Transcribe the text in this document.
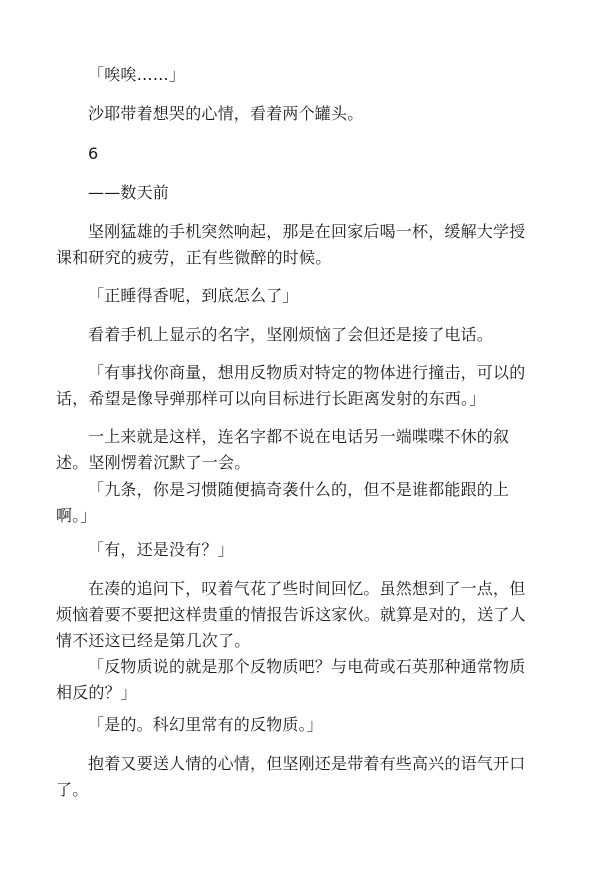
「唉唉……」

沙耶带着想哭的心情，看着两个罐头。

6

——数天前

坚刚猛雄的手机突然响起，那是在回家后喝一杯，缓解大学授
课和研究的疲劳，正有些微醉的时候。

「正睡得香呢，到底怎么了」

看着手机上显示的名字，坚刚烦恼了会但还是接了电话。

「有事找你商量，想用反物质对特定的物体进行撞击，可以的
话，希望是像导弹那样可以向目标进行长距离发射的东西。」

一上来就是这样，连名字都不说在电话另一端喋喋不休的叙
述。坚刚愣着沉默了一会。

「九条，你是习惯随便搞奇袭什么的，但不是谁都能跟的上
啊。」

「有，还是没有？」

在凑的追问下，叹着气花了些时间回忆。虽然想到了一点，但
烦恼着要不要把这样贵重的情报告诉这家伙。就算是对的，送了人
情不还这已经是第几次了。

「反物质说的就是那个反物质吧？与电荷或石英那种通常物质
相反的？」

「是的。科幻里常有的反物质。」

抱着又要送人情的心情，但坚刚还是带着有些高兴的语气开口
了。
